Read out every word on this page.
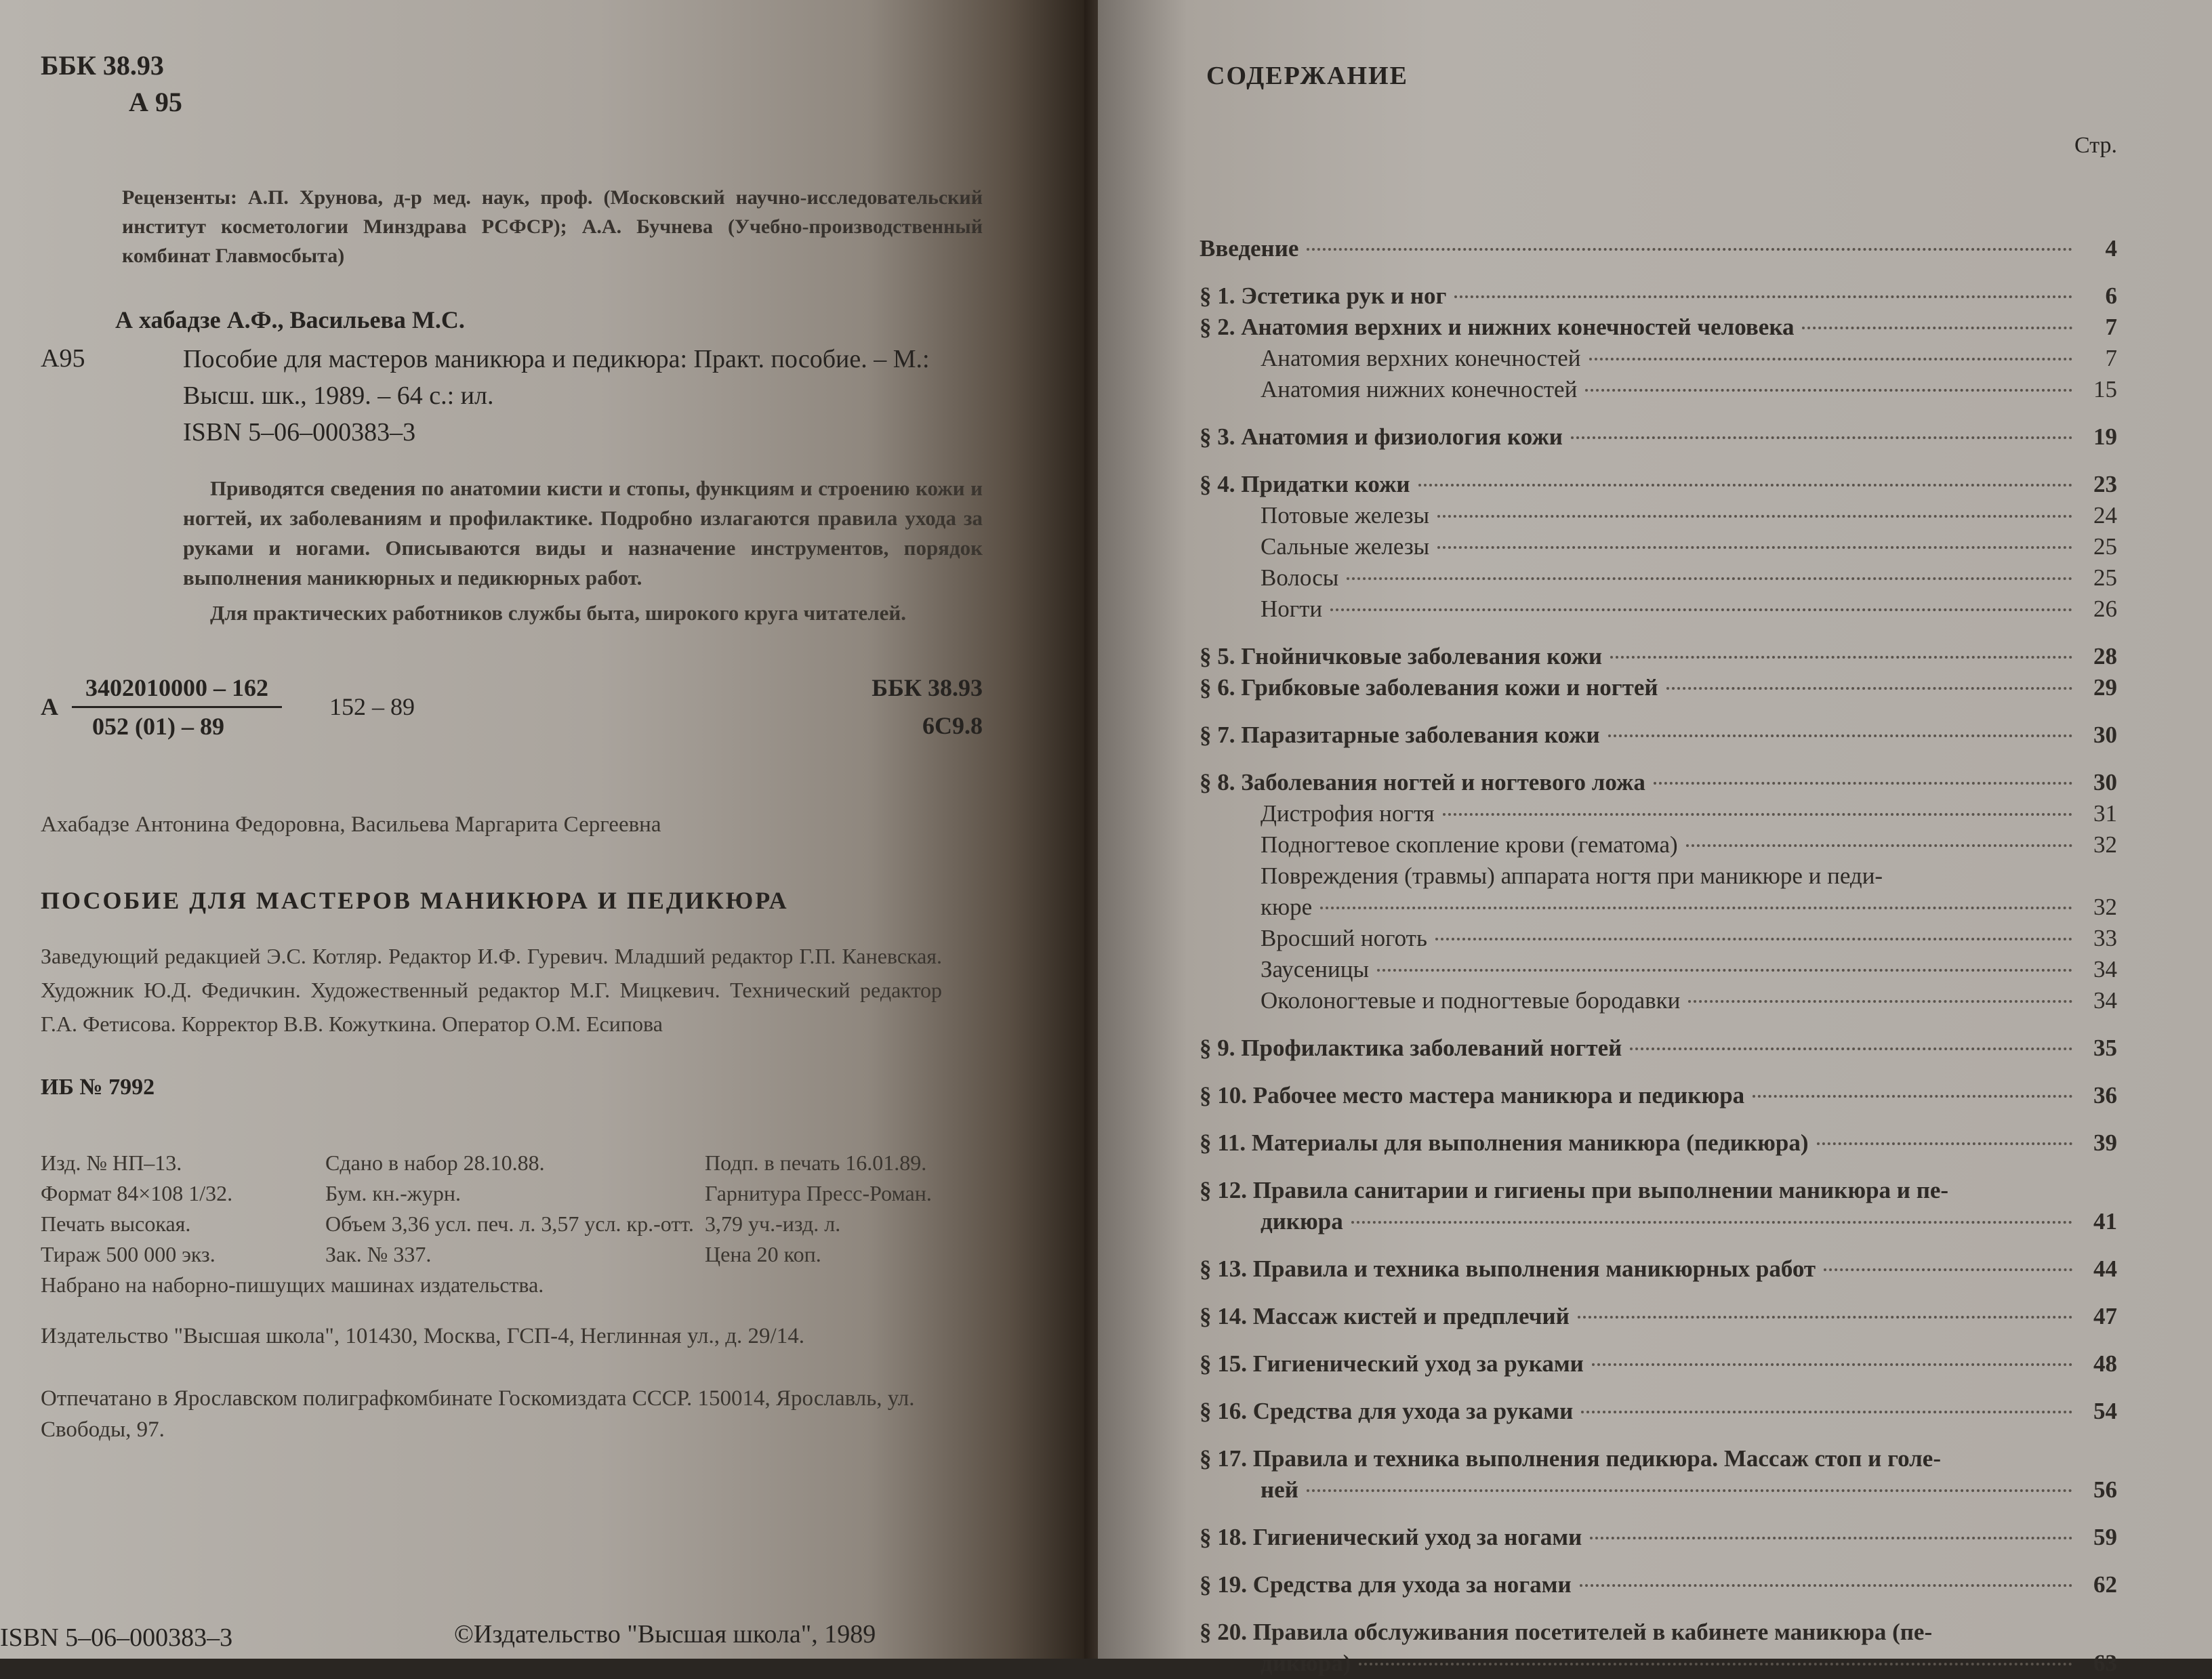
ББК 38.93
А 95
Рецензенты: А.П. Хрунова, д-р мед. наук, проф. (Московский научно-исследовательский институт косметологии Минздрава РСФСР); А.А. Бучнева (Учебно-производственный комбинат Главмосбыта)
А хабадзе А.Ф., Васильева М.С.
А95	Пособие для мастеров маникюра и педикюра: Практ. пособие. – М.: Высш. шк., 1989. – 64 с.: ил.
ISBN 5–06–000383–3

Приводятся сведения по анатомии кисти и стопы, функциям и строению кожи и ногтей, их заболеваниям и профилактике. Подробно излагаются правила ухода за руками и ногами. Описываются виды и назначение инструментов, порядок выполнения маникюрных и педикюрных работ.

Для практических работников службы быта, широкого круга читателей.

А $\frac{3402010000 - 162}{052 (01) - 89} 152 - 89$
ББК 38.93
6С9.8
Ахабадзе Антонина Федоровна, Васильева Маргарита Сергеевна
ПОСОБИЕ ДЛЯ МАСТЕРОВ МАНИКЮРА И ПЕДИКЮРА
Заведующий редакцией Э.С. Котляр. Редактор И.Ф. Гуревич. Младший редактор Г.П. Каневская. Художник Ю.Д. Федичкин. Художественный редактор М.Г. Мицкевич. Технический редактор Г.А. Фетисова. Корректор В.В. Кожуткина. Оператор О.М. Есипова
ИБ № 7992
Изд. № НП–13.	Сдано в набор 28.10.88.	Подп. в печать 16.01.89.
Формат 84×108 1/32.	Бум. кн.-журн.	Гарнитура Пресс-Роман.
Печать высокая.	Объем 3,36 усл. печ. л. 3,57 усл. кр.-отт. 3,79 уч.-изд. л.
Тираж 500 000 экз.	Зак. № 337.	Цена 20 коп.
Набрано на наборно-пишущих машинах издательства.
Издательство "Высшая школа", 101430, Москва, ГСП-4, Неглинная ул., д. 29/14.
Отпечатано в Ярославском полиграфкомбинате Госкомиздата СССР. 150014, Ярославль, ул. Свободы, 97.
ISBN 5–06–000383–3	©Издательство "Высшая школа", 1989
СОДЕРЖАНИЕ
Стр.
Введение	4
§ 1. Эстетика рук и ног	6
§ 2. Анатомия верхних и нижних конечностей человека	7
Анатомия верхних конечностей	7
Анатомия нижних конечностей	15
§ 3. Анатомия и физиология кожи	19
§ 4. Придатки кожи	23
Потовые железы	24
Сальные железы	25
Волосы	25
Ногти	26
§ 5. Гнойничковые заболевания кожи	28
§ 6. Грибковые заболевания кожи и ногтей	29
§ 7. Паразитарные заболевания кожи	30
§ 8. Заболевания ногтей и ногтевого ложа	30
Дистрофия ногтя	31
Подногтевое скопление крови (гематома)	32
Повреждения (травмы) аппарата ногтя при маникюре и педи-
кюре	32
Вросший ноготь	33
Заусеницы	34
Околоногтевые и подногтевые бородавки	34
§ 9. Профилактика заболеваний ногтей	35
§ 10. Рабочее место мастера маникюра и педикюра	36
§ 11. Материалы для выполнения маникюра (педикюра)	39
§ 12. Правила санитарии и гигиены при выполнении маникюра и пе-
дикюра	41
§ 13. Правила и техника выполнения маникюрных работ	44
§ 14. Массаж кистей и предплечий	47
§ 15. Гигиенический уход за руками	48
§ 16. Средства для ухода за руками	54
§ 17. Правила и техника выполнения педикюра. Массаж стоп и голе-
ней	56
§ 18. Гигиенический уход за ногами	59
§ 19. Средства для ухода за ногами	62
§ 20. Правила обслуживания посетителей в кабинете маникюра (пе-
дикюра)	63
